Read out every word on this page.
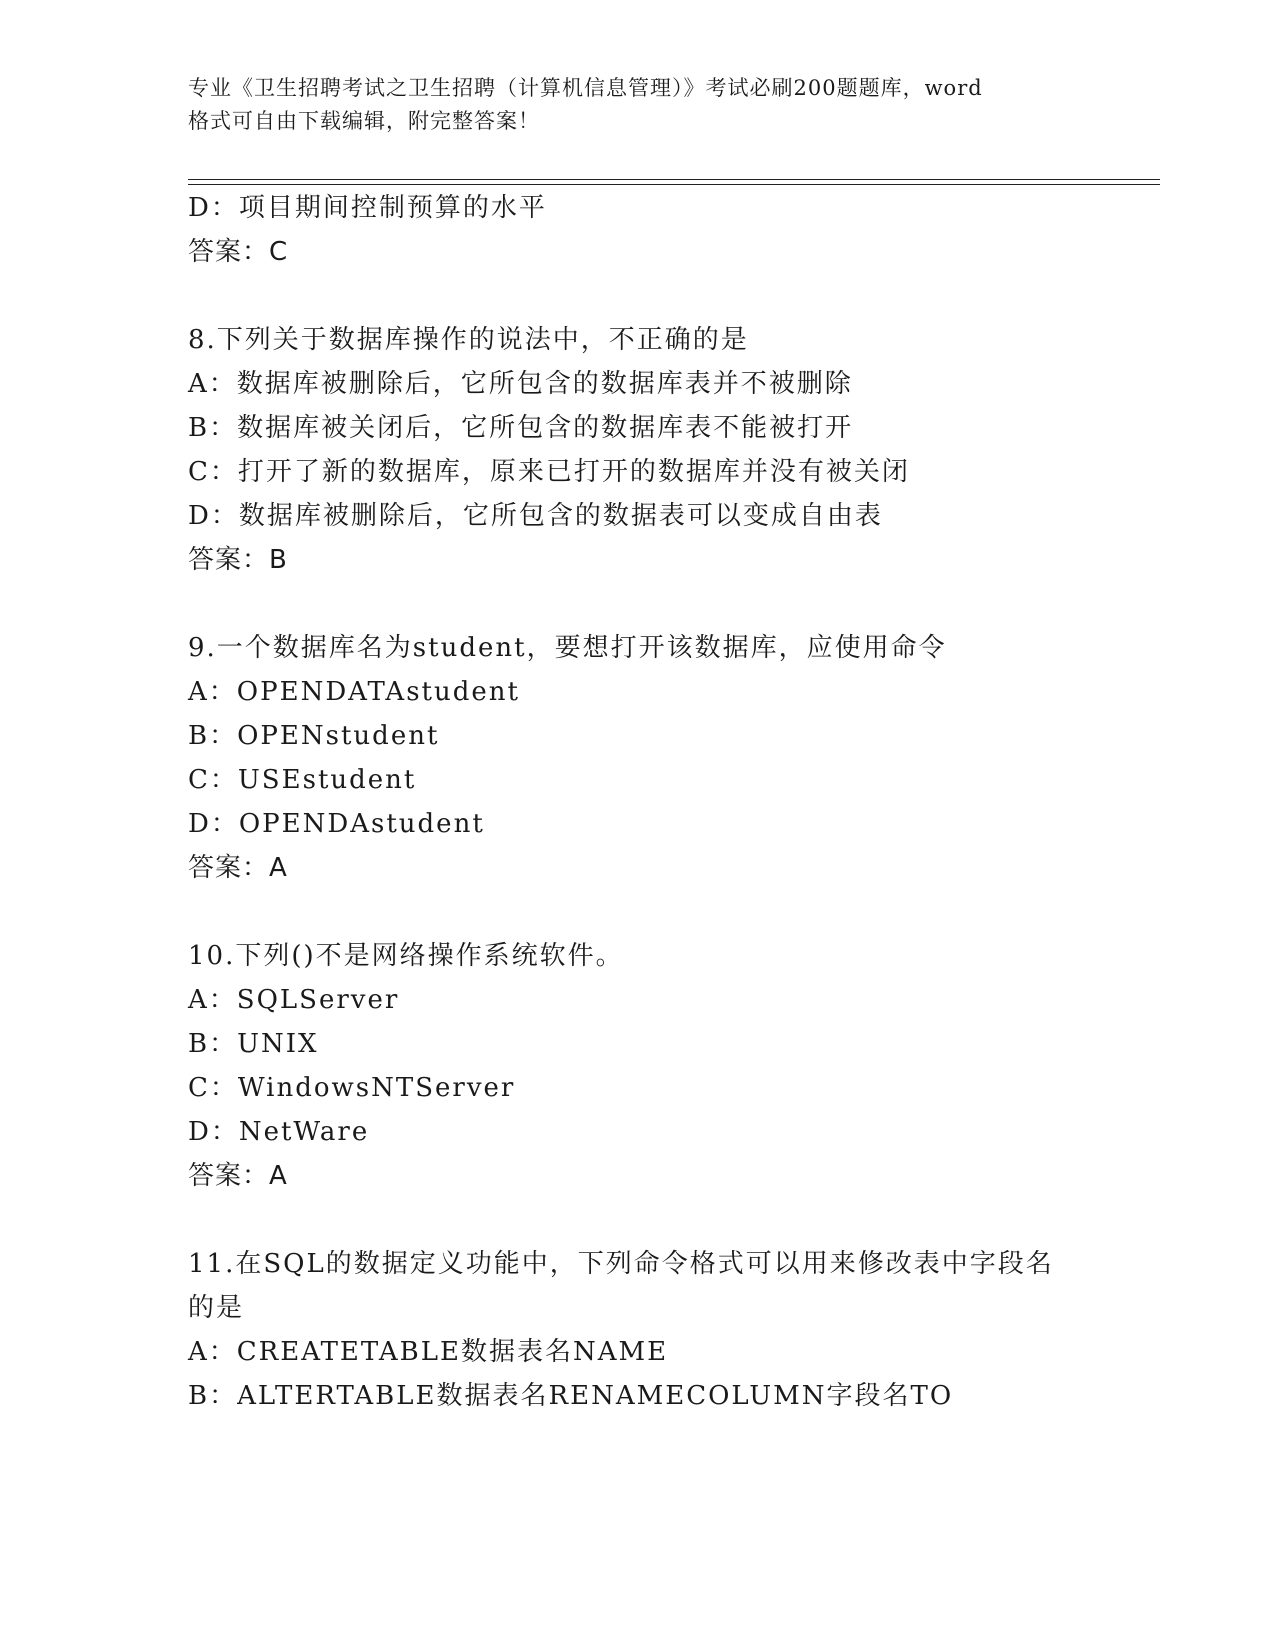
专业《卫生招聘考试之卫生招聘（计算机信息管理）》考试必刷200题题库，word
格式可自由下载编辑，附完整答案！
D：项目期间控制预算的水平
答案：C
8.下列关于数据库操作的说法中，不正确的是
A：数据库被删除后，它所包含的数据库表并不被删除
B：数据库被关闭后，它所包含的数据库表不能被打开
C：打开了新的数据库，原来已打开的数据库并没有被关闭
D：数据库被删除后，它所包含的数据表可以变成自由表
答案：B
9.一个数据库名为student，要想打开该数据库，应使用命令
A：OPENDATAstudent
B：OPENstudent
C：USEstudent
D：OPENDAstudent
答案：A
10.下列()不是网络操作系统软件。
A：SQLServer
B：UNIX
C：WindowsNTServer
D：NetWare
答案：A
11.在SQL的数据定义功能中，下列命令格式可以用来修改表中字段名
的是
A：CREATETABLE数据表名NAME
B：ALTERTABLE数据表名RENAMECOLUMN字段名TO
